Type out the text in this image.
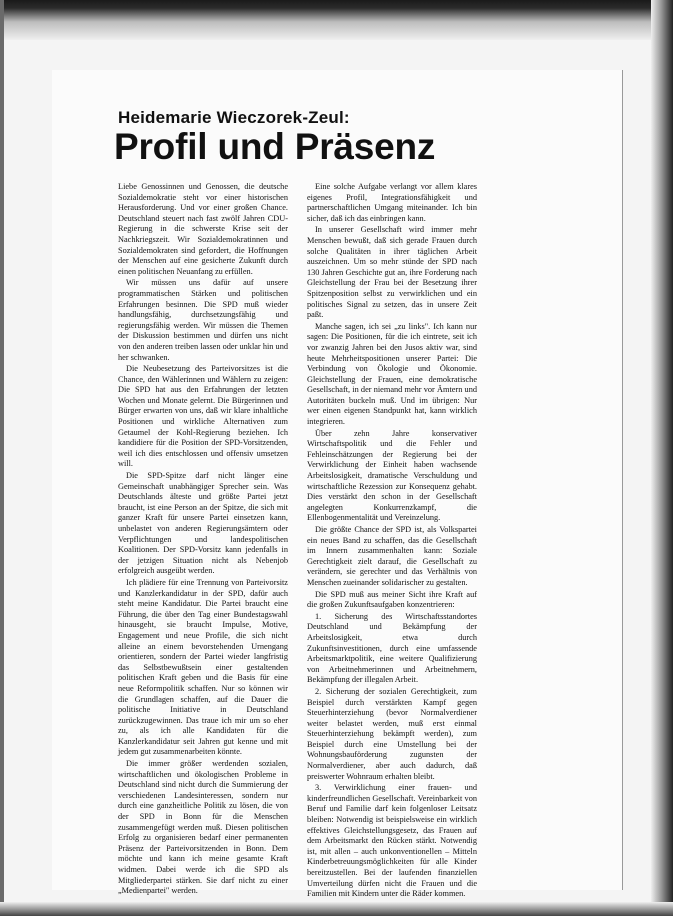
Heidemarie Wieczorek-Zeul:
Profil und Präsenz

Liebe Genossinnen und Genossen, die deutsche Sozialdemokratie steht vor einer historischen Herausforderung. Und vor einer großen Chance. Deutschland steuert nach fast zwölf Jahren CDU-Regierung in die schwerste Krise seit der Nachkriegszeit. Wir Sozialdemokratinnen und Sozialdemokraten sind gefordert, die Hoffnungen der Menschen auf eine gesicherte Zukunft durch einen politischen Neuanfang zu erfüllen.

Wir müssen uns dafür auf unsere programmatischen Stärken und politischen Erfahrungen besinnen. Die SPD muß wieder handlungsfähig, durchsetzungsfähig und regierungsfähig werden. Wir müssen die Themen der Diskussion bestimmen und dürfen uns nicht von den anderen treiben lassen oder unklar hin und her schwanken.

Die Neubesetzung des Parteivorsitzes ist die Chance, den Wählerinnen und Wählern zu zeigen: Die SPD hat aus den Erfahrungen der letzten Wochen und Monate gelernt. Die Bürgerinnen und Bürger erwarten von uns, daß wir klare inhaltliche Positionen und wirkliche Alternativen zum Getaumel der Kohl-Regierung beziehen. Ich kandidiere für die Position der SPD-Vorsitzenden, weil ich dies entschlossen und offensiv umsetzen will.

Die SPD-Spitze darf nicht länger eine Gemeinschaft unabhängiger Sprecher sein. Was Deutschlands älteste und größte Partei jetzt braucht, ist eine Person an der Spitze, die sich mit ganzer Kraft für unsere Partei einsetzen kann, unbelastet von anderen Regierungsämtern oder Verpflichtungen und landespolitischen Koalitionen. Der SPD-Vorsitz kann jedenfalls in der jetzigen Situation nicht als Nebenjob erfolgreich ausgeübt werden.

Ich plädiere für eine Trennung von Parteivorsitz und Kanzlerkandidatur in der SPD, dafür auch steht meine Kandidatur. Die Partei braucht eine Führung, die über den Tag einer Bundestagswahl hinausgeht, sie braucht Impulse, Motive, Engagement und neue Profile, die sich nicht alleine an einem bevorstehenden Urnengang orientieren, sondern der Partei wieder langfristig das Selbstbewußtsein einer gestaltenden politischen Kraft geben und die Basis für eine neue Reformpolitik schaffen. Nur so können wir die Grundlagen schaffen, auf die Dauer die politische Initiative in Deutschland zurückzugewinnen. Das traue ich mir um so eher zu, als ich alle Kandidaten für die Kanzlerkandidatur seit Jahren gut kenne und mit jedem gut zusammenarbeiten könnte.

Die immer größer werdenden sozialen, wirtschaftlichen und ökologischen Probleme in Deutschland sind nicht durch die Summierung der verschiedenen Landesinteressen, sondern nur durch eine ganzheitliche Politik zu lösen, die von der SPD in Bonn für die Menschen zusammengefügt werden muß. Diesen politischen Erfolg zu organisieren bedarf einer permanenten Präsenz der Parteivorsitzenden in Bonn. Dem möchte und kann ich meine gesamte Kraft widmen. Dabei werde ich die SPD als Mitgliederpartei stärken. Sie darf nicht zu einer „Medienpartei" werden.

Eine solche Aufgabe verlangt vor allem klares eigenes Profil, Integrationsfähigkeit und partnerschaftlichen Umgang miteinander. Ich bin sicher, daß ich das einbringen kann.

In unserer Gesellschaft wird immer mehr Menschen bewußt, daß sich gerade Frauen durch solche Qualitäten in ihrer täglichen Arbeit auszeichnen. Um so mehr stünde der SPD nach 130 Jahren Geschichte gut an, ihre Forderung nach Gleichstellung der Frau bei der Besetzung ihrer Spitzenposition selbst zu verwirklichen und ein politisches Signal zu setzen, das in unsere Zeit paßt.

Manche sagen, ich sei „zu links". Ich kann nur sagen: Die Positionen, für die ich eintrete, seit ich vor zwanzig Jahren bei den Jusos aktiv war, sind heute Mehrheitspositionen unserer Partei: Die Verbindung von Ökologie und Ökonomie. Gleichstellung der Frauen, eine demokratische Gesellschaft, in der niemand mehr vor Ämtern und Autoritäten buckeln muß. Und im übrigen: Nur wer einen eigenen Standpunkt hat, kann wirklich integrieren.

Über zehn Jahre konservativer Wirtschaftspolitik und die Fehler und Fehleinschätzungen der Regierung bei der Verwirklichung der Einheit haben wachsende Arbeitslosigkeit, dramatische Verschuldung und wirtschaftliche Rezession zur Konsequenz gehabt. Dies verstärkt den schon in der Gesellschaft angelegten Konkurrenzkampf, die Ellenbogenmentalität und Vereinzelung.

Die größte Chance der SPD ist, als Volkspartei ein neues Band zu schaffen, das die Gesellschaft im Innern zusammenhalten kann: Soziale Gerechtigkeit zielt darauf, die Gesellschaft zu verändern, sie gerechter und das Verhältnis von Menschen zueinander solidarischer zu gestalten.

Die SPD muß aus meiner Sicht ihre Kraft auf die großen Zukunftsaufgaben konzentrieren:

1. Sicherung des Wirtschaftsstandortes Deutschland und Bekämpfung der Arbeitslosigkeit, etwa durch Zukunftsinvestitionen, durch eine umfassende Arbeitsmarktpolitik, eine weitere Qualifizierung von Arbeitnehmerinnen und Arbeitnehmern, Bekämpfung der illegalen Arbeit.

2. Sicherung der sozialen Gerechtigkeit, zum Beispiel durch verstärkten Kampf gegen Steuerhinterziehung (bevor Normalverdiener weiter belastet werden, muß erst einmal Steuerhinterziehung bekämpft werden), zum Beispiel durch eine Umstellung bei der Wohnungsbauförderung zugunsten der Normalverdiener, aber auch dadurch, daß preiswerter Wohnraum erhalten bleibt.

3. Verwirklichung einer frauen- und kinderfreundlichen Gesellschaft. Vereinbarkeit von Beruf und Familie darf kein folgenloser Leitsatz bleiben: Notwendig ist beispielsweise ein wirklich effektives Gleichstellungsgesetz, das Frauen auf dem Arbeitsmarkt den Rücken stärkt. Notwendig ist, mit allen – auch unkonventionellen – Mitteln Kinderbetreuungsmöglichkeiten für alle Kinder bereitzustellen. Bei der laufenden finanziellen Umverteilung dürfen nicht die Frauen und die Familien mit Kindern unter die Räder kommen.
